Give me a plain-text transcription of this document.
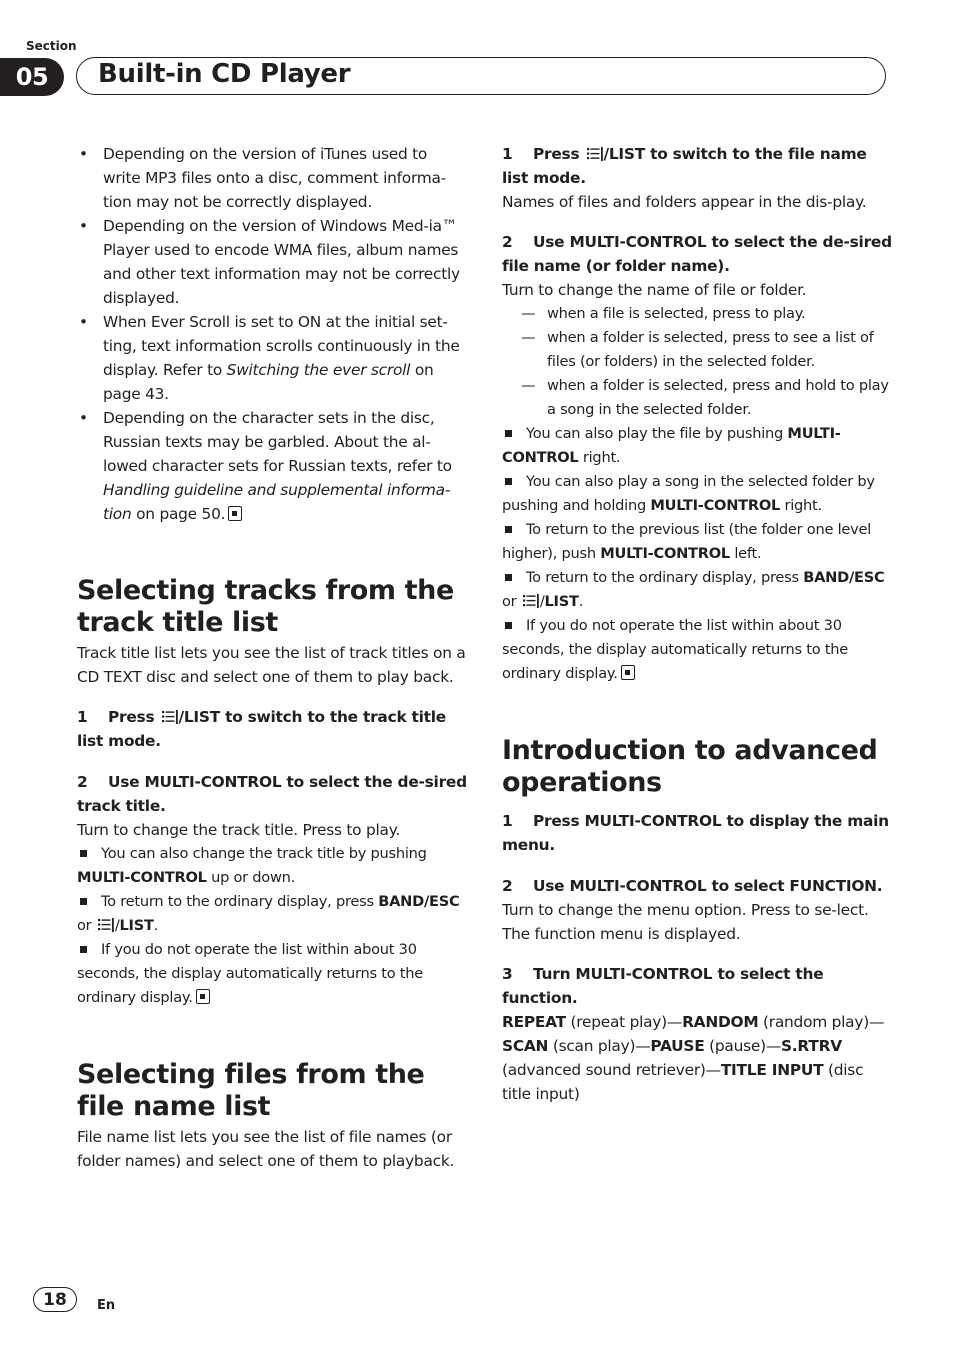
Section
05	Built-in CD Player
• Depending on the version of iTunes used to write MP3 files onto a disc, comment informa-tion may not be correctly displayed.
• Depending on the version of Windows Med-ia™ Player used to encode WMA files, album names and other text information may not be correctly displayed.
• When Ever Scroll is set to ON at the initial set-ting, text information scrolls continuously in the display. Refer to Switching the ever scroll on page 43.
• Depending on the character sets in the disc, Russian texts may be garbled. About the al-lowed character sets for Russian texts, refer to Handling guideline and supplemental informa-tion on page 50.
Selecting tracks from the track title list

Track title list lets you see the list of track titles on a CD TEXT disc and select one of them to play back.

1 Press /LIST to switch to the track title list mode.

2 Use MULTI-CONTROL to select the de-sired track title.

Turn to change the track title. Press to play.

You can also change the track title by pushing MULTI-CONTROL up or down.

To return to the ordinary display, press BAND/ESC or /LIST.

If you do not operate the list within about 30 seconds, the display automatically returns to the ordinary display.

Selecting files from the file name list

File name list lets you see the list of file names (or folder names) and select one of them to playback.

1 Press /LIST to switch to the file name list mode.

Names of files and folders appear in the dis-play.

2 Use MULTI-CONTROL to select the de-sired file name (or folder name).

Turn to change the name of file or folder.

— when a file is selected, press to play.
— when a folder is selected, press to see a list of files (or folders) in the selected folder.
— when a folder is selected, press and hold to play a song in the selected folder.

You can also play the file by pushing MULTI-CONTROL right.

You can also play a song in the selected folder by pushing and holding MULTI-CONTROL right.

To return to the previous list (the folder one level higher), push MULTI-CONTROL left.

To return to the ordinary display, press BAND/ESC or /LIST.

If you do not operate the list within about 30 seconds, the display automatically returns to the ordinary display.

Introduction to advanced operations

1 Press MULTI-CONTROL to display the main menu.

2 Use MULTI-CONTROL to select FUNCTION.

Turn to change the menu option. Press to se-lect.

The function menu is displayed.

3 Turn MULTI-CONTROL to select the function.

REPEAT (repeat play)—RANDOM (random play)—SCAN (scan play)—PAUSE (pause)—S.RTRV (advanced sound retriever)—TITLE INPUT (disc title input)

18	En
